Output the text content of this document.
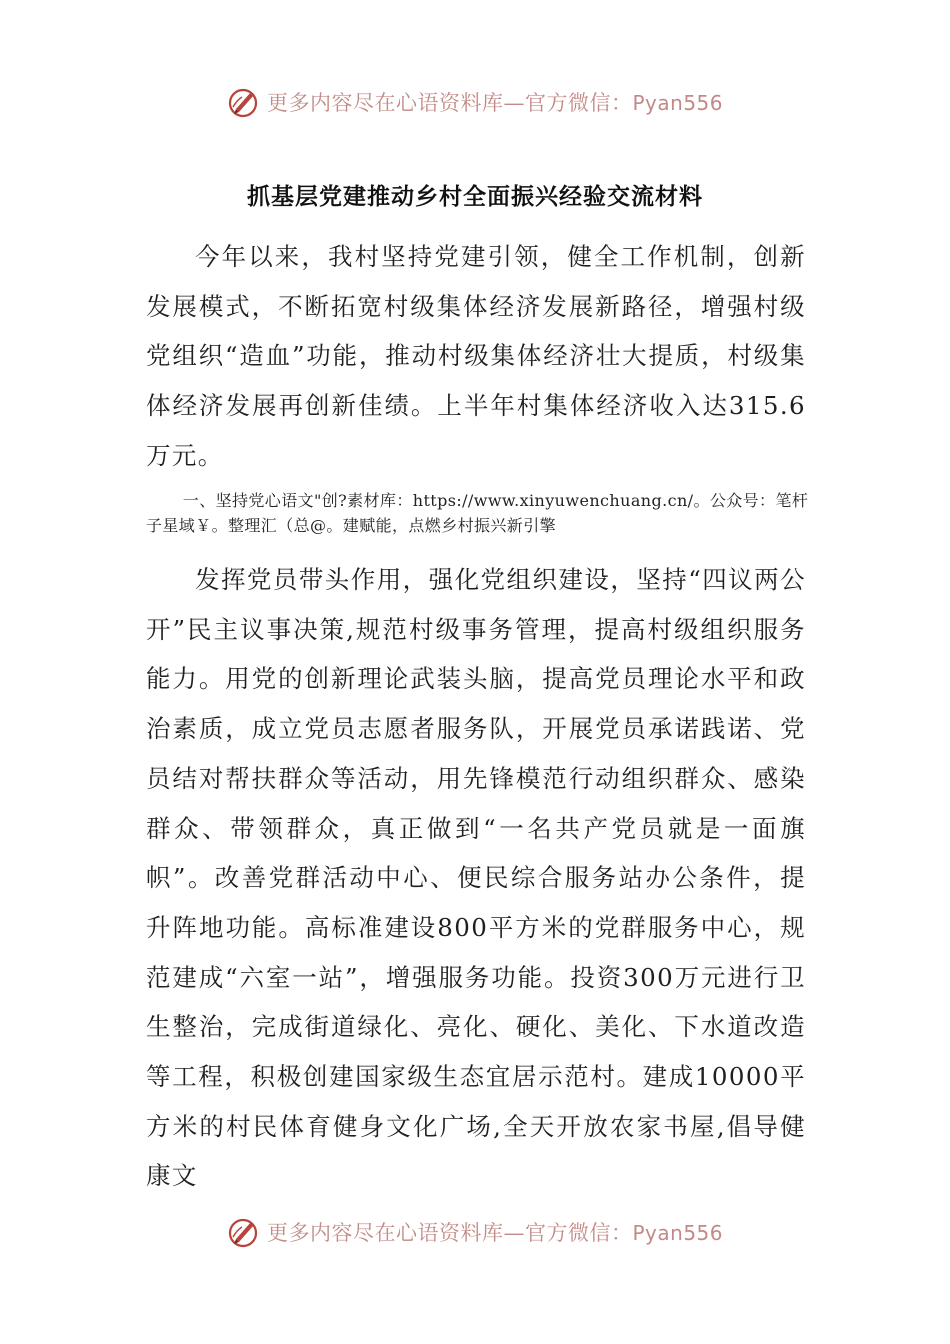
更多内容尽在心语资料库—官方微信：Pyan556
抓基层党建推动乡村全面振兴经验交流材料

今年以来，我村坚持党建引领，健全工作机制，创新发展模式，不断拓宽村级集体经济发展新路径，增强村级党组织“造血”功能，推动村级集体经济壮大提质，村级集体经济发展再创新佳绩。上半年村集体经济收入达315.6万元。

一、坚持党心语文"创?素材库：https://www.xinyuwenchuang.cn/。公众号：笔杆子星域￥。整理汇（总@。建赋能，点燃乡村振兴新引擎

发挥党员带头作用，强化党组织建设，坚持“四议两公开”民主议事决策,规范村级事务管理，提高村级组织服务能力。用党的创新理论武装头脑，提高党员理论水平和政治素质，成立党员志愿者服务队，开展党员承诺践诺、党员结对帮扶群众等活动，用先锋模范行动组织群众、感染群众、带领群众，真正做到“一名共产党员就是一面旗帜”。改善党群活动中心、便民综合服务站办公条件，提升阵地功能。高标准建设800平方米的党群服务中心，规范建成“六室一站”，增强服务功能。投资300万元进行卫生整治，完成街道绿化、亮化、硬化、美化、下水道改造等工程，积极创建国家级生态宜居示范村。建成10000平方米的村民体育健身文化广场,全天开放农家书屋,倡导健康文

更多内容尽在心语资料库—官方微信：Pyan556
